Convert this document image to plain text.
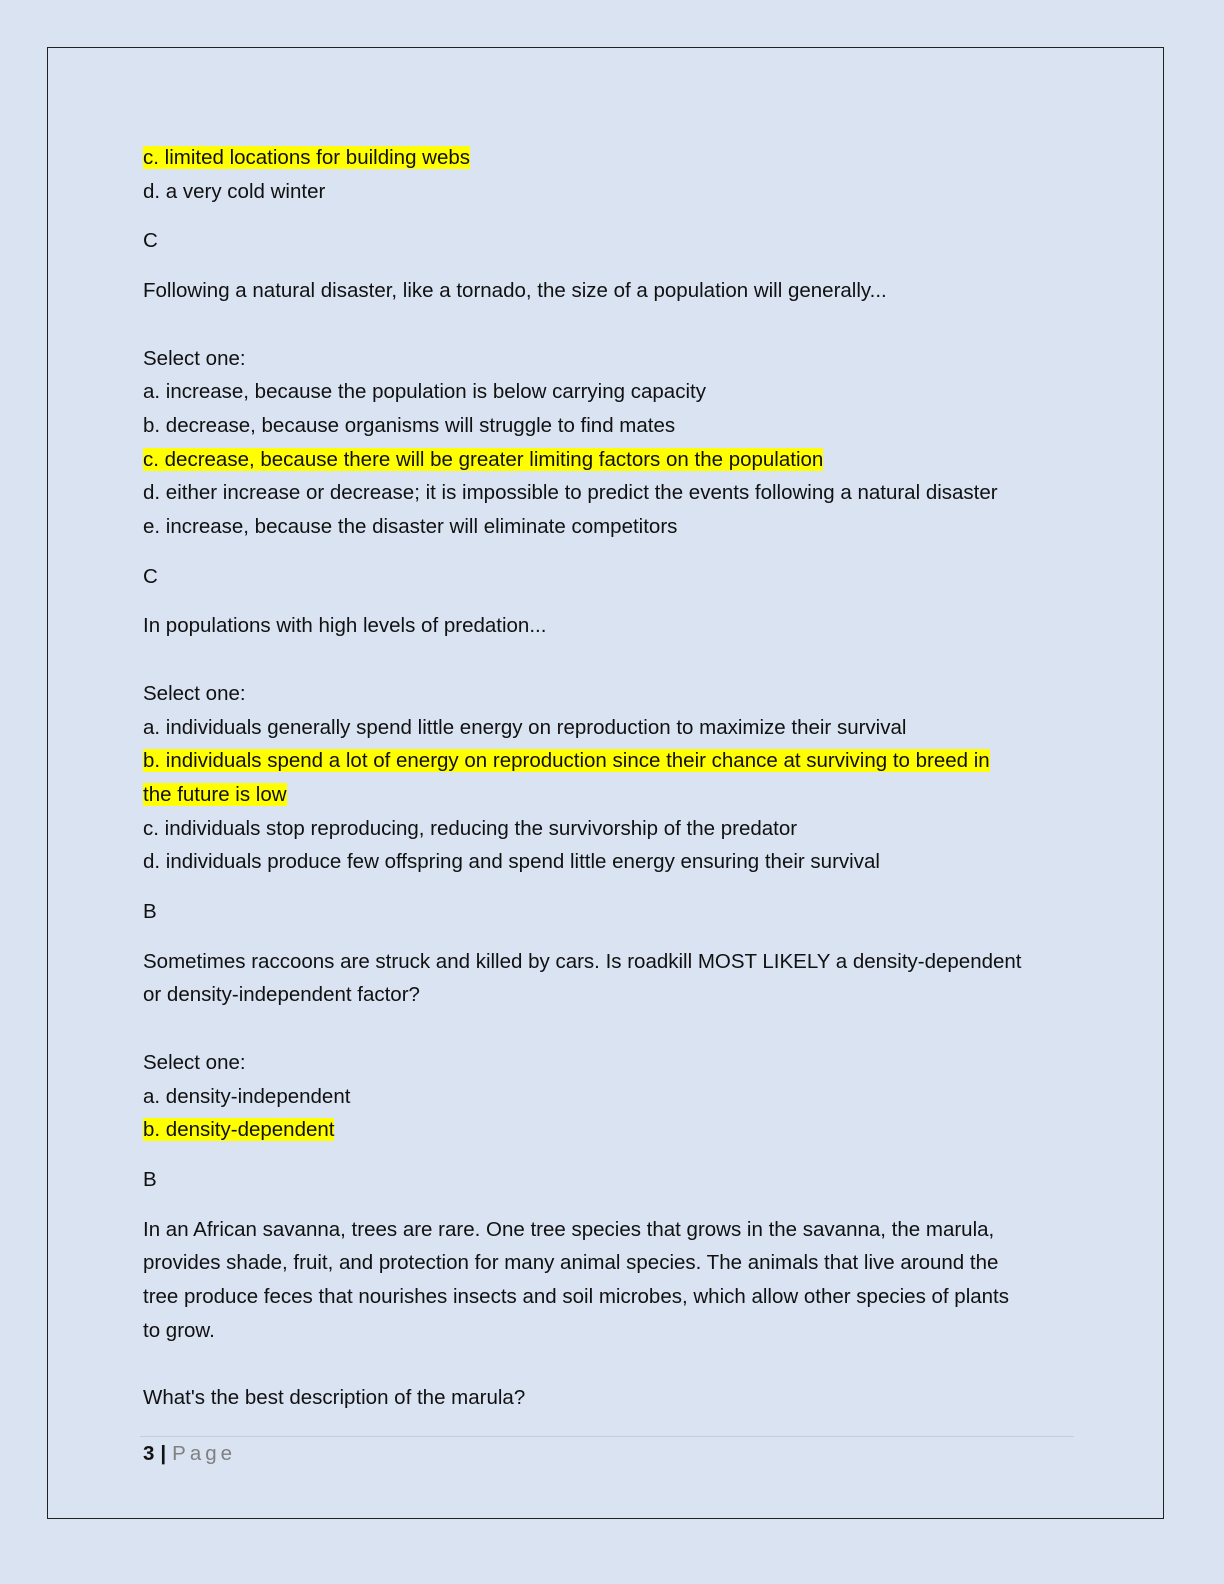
c. limited locations for building webs
d. a very cold winter
C
Following a natural disaster, like a tornado, the size of a population will generally...
Select one:
a. increase, because the population is below carrying capacity
b. decrease, because organisms will struggle to find mates
c. decrease, because there will be greater limiting factors on the population
d. either increase or decrease; it is impossible to predict the events following a natural disaster
e. increase, because the disaster will eliminate competitors
C
In populations with high levels of predation...
Select one:
a. individuals generally spend little energy on reproduction to maximize their survival
b. individuals spend a lot of energy on reproduction since their chance at surviving to breed in
the future is low
c. individuals stop reproducing, reducing the survivorship of the predator
d. individuals produce few offspring and spend little energy ensuring their survival
B
Sometimes raccoons are struck and killed by cars. Is roadkill MOST LIKELY a density-dependent
or density-independent factor?
Select one:
a. density-independent
b. density-dependent
B
In an African savanna, trees are rare. One tree species that grows in the savanna, the marula,
provides shade, fruit, and protection for many animal species. The animals that live around the
tree produce feces that nourishes insects and soil microbes, which allow other species of plants
to grow.
What's the best description of the marula?
3 | Page
